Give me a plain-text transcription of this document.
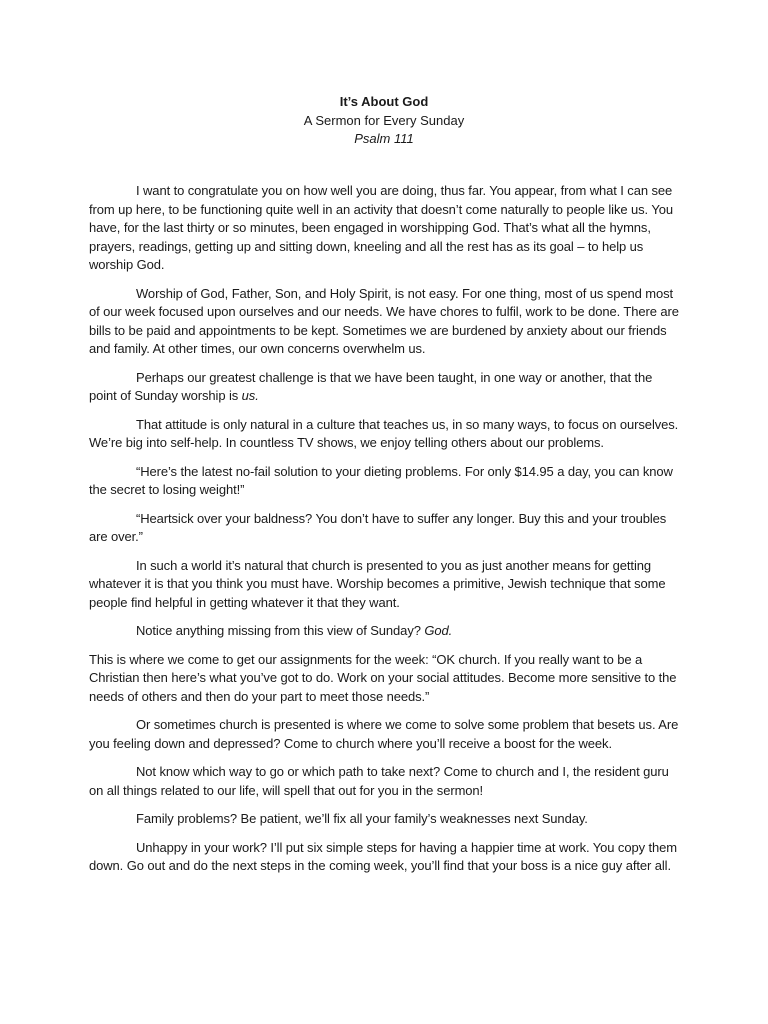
It’s About God
A Sermon for Every Sunday
Psalm 111

I want to congratulate you on how well you are doing, thus far. You appear, from what I can see from up here, to be functioning quite well in an activity that doesn’t come naturally to people like us. You have, for the last thirty or so minutes, been engaged in worshipping God. That’s what all the hymns, prayers, readings, getting up and sitting down, kneeling and all the rest has as its goal – to help us worship God.

Worship of God, Father, Son, and Holy Spirit, is not easy. For one thing, most of us spend most of our week focused upon ourselves and our needs. We have chores to fulfil, work to be done. There are bills to be paid and appointments to be kept. Sometimes we are burdened by anxiety about our friends and family. At other times, our own concerns overwhelm us.

Perhaps our greatest challenge is that we have been taught, in one way or another, that the point of Sunday worship is us.

That attitude is only natural in a culture that teaches us, in so many ways, to focus on ourselves. We’re big into self-help. In countless TV shows, we enjoy telling others about our problems.

“Here’s the latest no-fail solution to your dieting problems. For only $14.95 a day, you can know the secret to losing weight!”

“Heartsick over your baldness? You don’t have to suffer any longer. Buy this and your troubles are over.”

In such a world it’s natural that church is presented to you as just another means for getting whatever it is that you think you must have. Worship becomes a primitive, Jewish technique that some people find helpful in getting whatever it that they want.

Notice anything missing from this view of Sunday? God.

This is where we come to get our assignments for the week: “OK church. If you really want to be a Christian then here’s what you’ve got to do. Work on your social attitudes. Become more sensitive to the needs of others and then do your part to meet those needs.”

Or sometimes church is presented is where we come to solve some problem that besets us. Are you feeling down and depressed? Come to church where you’ll receive a boost for the week.

Not know which way to go or which path to take next? Come to church and I, the resident guru on all things related to our life, will spell that out for you in the sermon!

Family problems? Be patient, we’ll fix all your family’s weaknesses next Sunday.

Unhappy in your work? I’ll put six simple steps for having a happier time at work. You copy them down. Go out and do the next steps in the coming week, you’ll find that your boss is a nice guy after all.
